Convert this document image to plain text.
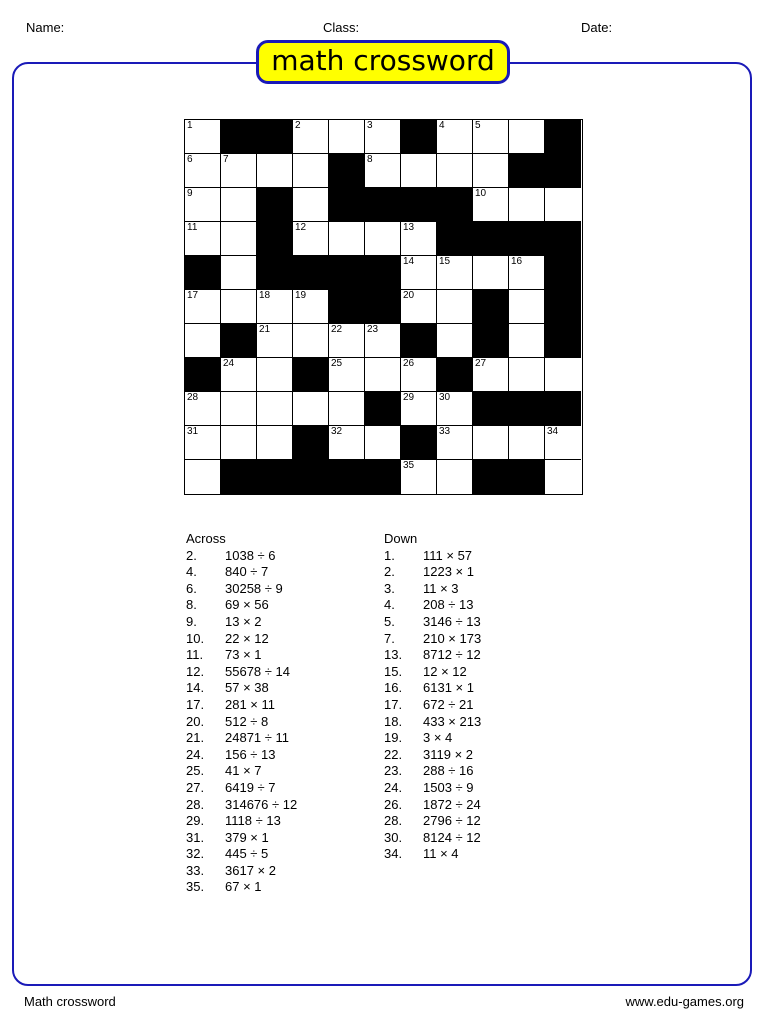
Name:	Class:	Date:
math crossword
1	2	3	4	5
6	7	8
9	10
11	12	13
14 15	16
17	18 19	20
21	22 23
24	25	26	27
28	29 30
31	32	33	34
35
Across
2.	1038 ÷ 6
4.	840 ÷ 7
6.	30258 ÷ 9
8.	69 × 56
9.	13 × 2
10.	22 × 12
11.	73 × 1
12.	55678 ÷ 14
14.	57 × 38
17.	281 × 11
20.	512 ÷ 8
21.	24871 ÷ 11
24.	156 ÷ 13
25.	41 × 7
27.	6419 ÷ 7
28.	314676 ÷ 12
29.	1118 ÷ 13
31.	379 × 1
32.	445 ÷ 5
33.	3617 × 2
35.	67 × 1
Down
1.	111 × 57
2.	1223 × 1
3.	11 × 3
4.	208 ÷ 13
5.	3146 ÷ 13
7.	210 × 173
13.	8712 ÷ 12
15.	12 × 12
16.	6131 × 1
17.	672 ÷ 21
18.	433 × 213
19.	3 × 4
22.	3119 × 2
23.	288 ÷ 16
24.	1503 ÷ 9
26.	1872 ÷ 24
28.	2796 ÷ 12
30.	8124 ÷ 12
34.	11 × 4
Math crossword	www.edu-games.org
